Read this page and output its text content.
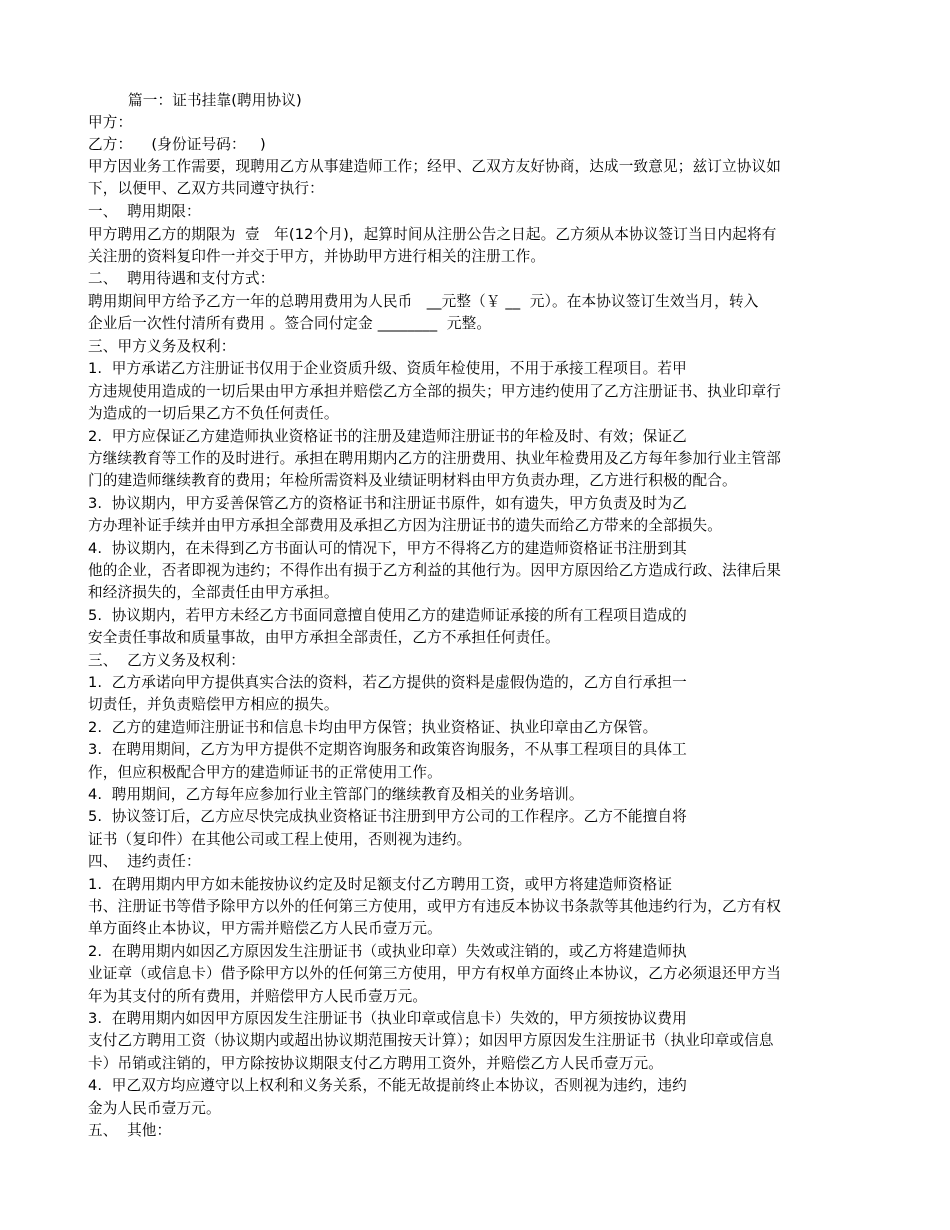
篇一：证书挂靠(聘用协议)
甲方：
乙方：    (身份证号码：   )
甲方因业务工作需要，现聘用乙方从事建造师工作；经甲、乙双方友好协商，达成一致意见；兹订立协议如
下，以便甲、乙双方共同遵守执行：
一、  聘用期限：
甲方聘用乙方的期限为  壹   年(12个月)，起算时间从注册公告之日起。乙方须从本协议签订当日内起将有
关注册的资料复印件一并交于甲方，并协助甲方进行相关的注册工作。
二、  聘用待遇和支付方式：
聘用期间甲方给予乙方一年的总聘用费用为人民币   __元整（￥ __  元）。在本协议签订生效当月，转入
企业后一次性付清所有费用 。签合同付定金 ________  元整。
三、甲方义务及权利：
1.  甲方承诺乙方注册证书仅用于企业资质升级、资质年检使用，不用于承接工程项目。若甲
方违规使用造成的一切后果由甲方承担并赔偿乙方全部的损失；甲方违约使用了乙方注册证书、执业印章行
为造成的一切后果乙方不负任何责任。
2.  甲方应保证乙方建造师执业资格证书的注册及建造师注册证书的年检及时、有效；保证乙
方继续教育等工作的及时进行。承担在聘用期内乙方的注册费用、执业年检费用及乙方每年参加行业主管部
门的建造师继续教育的费用；年检所需资料及业绩证明材料由甲方负责办理，乙方进行积极的配合。
3.  协议期内，甲方妥善保管乙方的资格证书和注册证书原件，如有遗失，甲方负责及时为乙
方办理补证手续并由甲方承担全部费用及承担乙方因为注册证书的遗失而给乙方带来的全部损失。
4.  协议期内，在未得到乙方书面认可的情况下，甲方不得将乙方的建造师资格证书注册到其
他的企业，否者即视为违约；不得作出有损于乙方利益的其他行为。因甲方原因给乙方造成行政、法律后果
和经济损失的，全部责任由甲方承担。
5.  协议期内，若甲方未经乙方书面同意擅自使用乙方的建造师证承接的所有工程项目造成的
安全责任事故和质量事故，由甲方承担全部责任，乙方不承担任何责任。
三、  乙方义务及权利：
1.  乙方承诺向甲方提供真实合法的资料，若乙方提供的资料是虚假伪造的，乙方自行承担一
切责任，并负责赔偿甲方相应的损失。
2.  乙方的建造师注册证书和信息卡均由甲方保管；执业资格证、执业印章由乙方保管。
3.  在聘用期间，乙方为甲方提供不定期咨询服务和政策咨询服务，不从事工程项目的具体工
作，但应积极配合甲方的建造师证书的正常使用工作。
4.  聘用期间，乙方每年应参加行业主管部门的继续教育及相关的业务培训。
5.  协议签订后，乙方应尽快完成执业资格证书注册到甲方公司的工作程序。乙方不能擅自将
证书（复印件）在其他公司或工程上使用，否则视为违约。
四、  违约责任：
1.  在聘用期内甲方如未能按协议约定及时足额支付乙方聘用工资，或甲方将建造师资格证
书、注册证书等借予除甲方以外的任何第三方使用，或甲方有违反本协议书条款等其他违约行为，乙方有权
单方面终止本协议，甲方需并赔偿乙方人民币壹万元。
2.  在聘用期内如因乙方原因发生注册证书（或执业印章）失效或注销的，或乙方将建造师执
业证章（或信息卡）借予除甲方以外的任何第三方使用，甲方有权单方面终止本协议，乙方必须退还甲方当
年为其支付的所有费用，并赔偿甲方人民币壹万元。
3.  在聘用期内如因甲方原因发生注册证书（执业印章或信息卡）失效的，甲方须按协议费用
支付乙方聘用工资（协议期内或超出协议期范围按天计算）；如因甲方原因发生注册证书（执业印章或信息
卡）吊销或注销的，甲方除按协议期限支付乙方聘用工资外，并赔偿乙方人民币壹万元。
4.  甲乙双方均应遵守以上权利和义务关系，不能无故提前终止本协议，否则视为违约，违约
金为人民币壹万元。
五、  其他：
